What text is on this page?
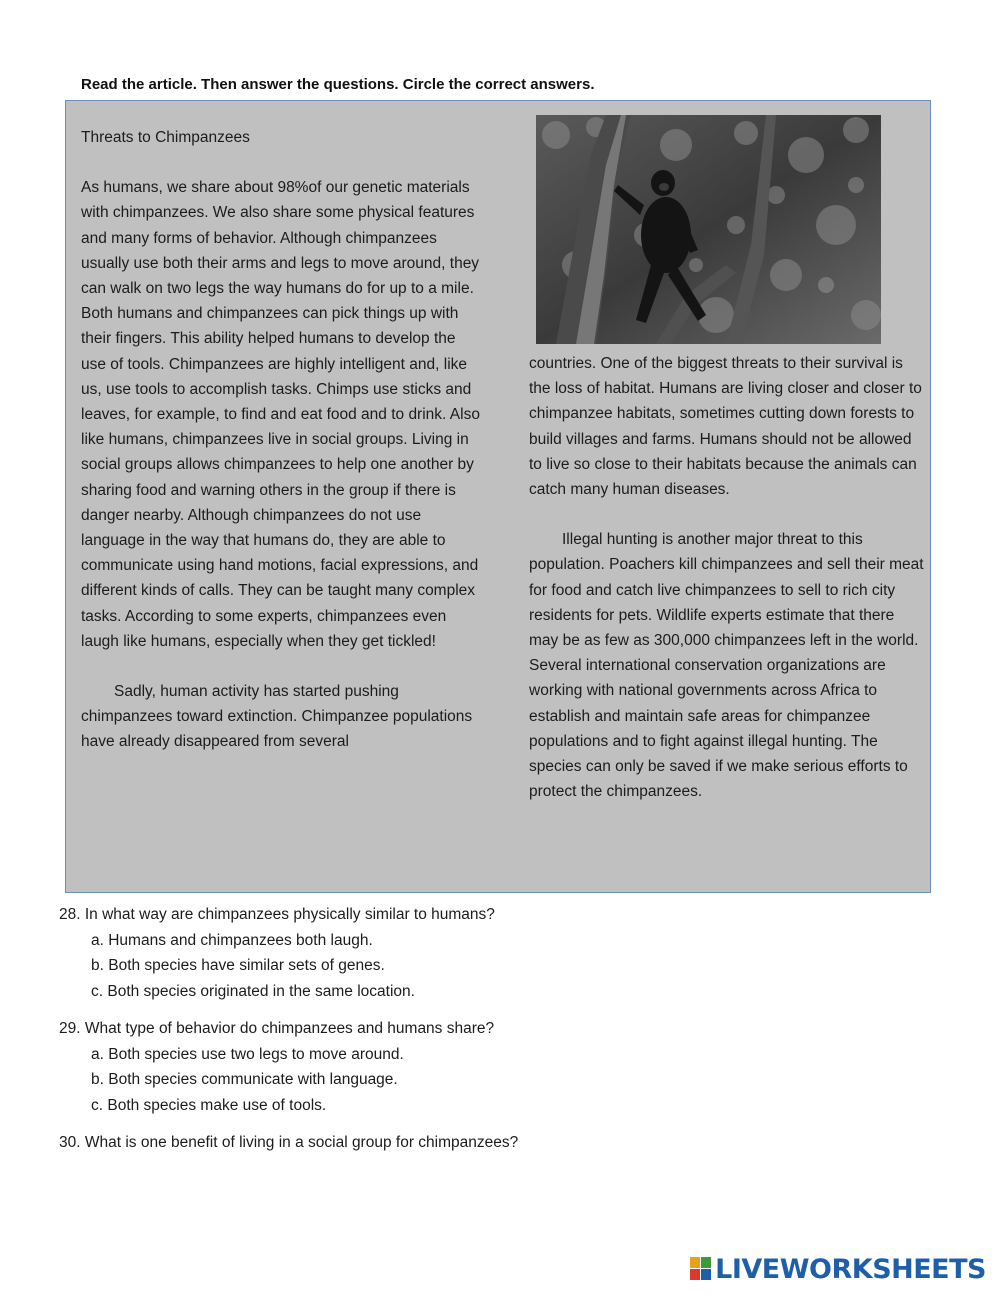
Read the article. Then answer the questions. Circle the correct answers.

Threats to Chimpanzees

As humans, we share about 98%of our genetic materials with chimpanzees. We also share some physical features and many forms of behavior. Although chimpanzees usually use both their arms and legs to move around, they can walk on two legs the way humans do for up to a mile. Both humans and chimpanzees can pick things up with their fingers. This ability helped humans to develop the use of tools. Chimpanzees are highly intelligent and, like us, use tools to accomplish tasks. Chimps use sticks and leaves, for example, to find and eat food and to drink. Also like humans, chimpanzees live in social groups. Living in social groups allows chimpanzees to help one another by sharing food and warning others in the group if there is danger nearby. Although chimpanzees do not use language in the way that humans do, they are able to communicate using hand motions, facial expressions, and different kinds of calls. They can be taught many complex tasks. According to some experts, chimpanzees even laugh like humans, especially when they get tickled!

Sadly, human activity has started pushing chimpanzees toward extinction. Chimpanzee populations have already disappeared from several

countries. One of the biggest threats to their survival is the loss of habitat. Humans are living closer and closer to chimpanzee habitats, sometimes cutting down forests to build villages and farms. Humans should not be allowed to live so close to their habitats because the animals can catch many human diseases.

Illegal hunting is another major threat to this population. Poachers kill chimpanzees and sell their meat for food and catch live chimpanzees to sell to rich city residents for pets. Wildlife experts estimate that there may be as few as 300,000 chimpanzees left in the world. Several international conservation organizations are working with national governments across Africa to establish and maintain safe areas for chimpanzee populations and to fight against illegal hunting. The species can only be saved if we make serious efforts to protect the chimpanzees.

28. In what way are chimpanzees physically similar to humans?
a. Humans and chimpanzees both laugh.
b. Both species have similar sets of genes.
c. Both species originated in the same location.
29. What type of behavior do chimpanzees and humans share?
a. Both species use two legs to move around.
b. Both species communicate with language.
c. Both species make use of tools.
30. What is one benefit of living in a social group for chimpanzees?
LIVEWORKSHEETS
